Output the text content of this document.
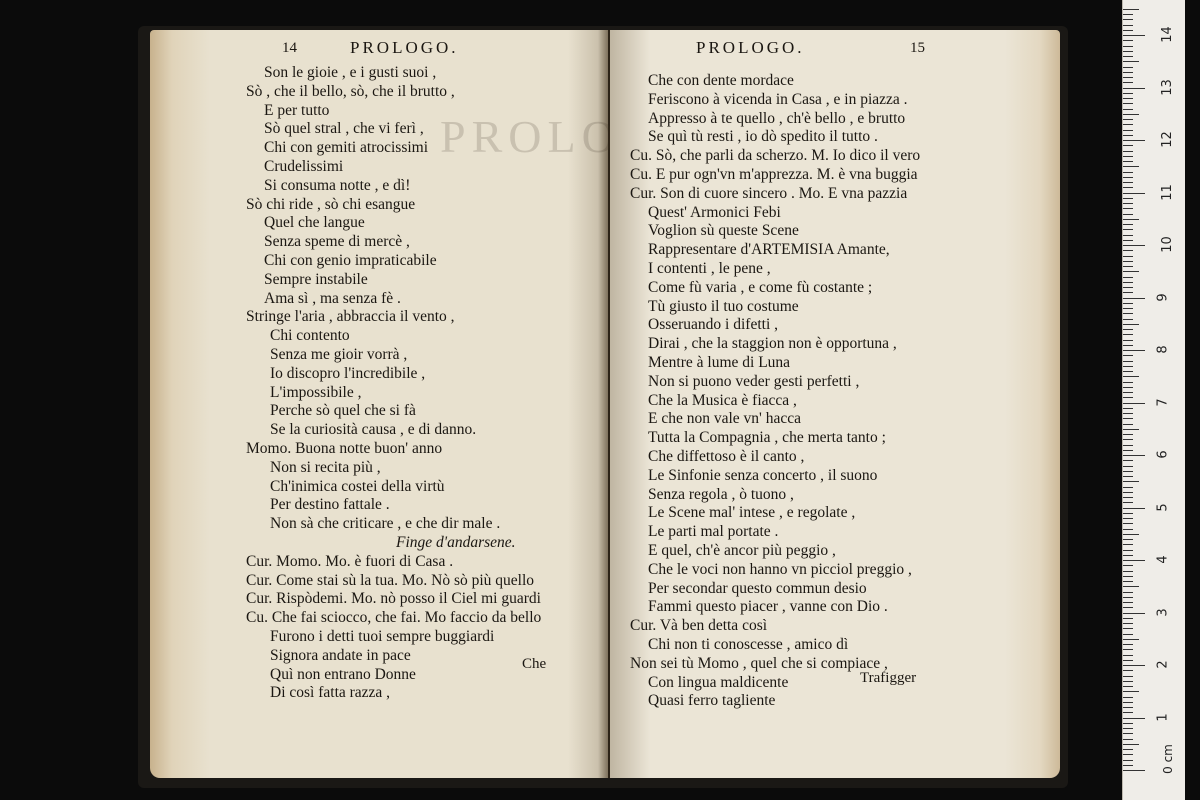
PROLO
14	PROLOGO.
Son le gioie , e i gusti suoi ,
Sò , che il bello, sò, che il brutto ,
E per tutto
Sò quel stral , che vi ferì ,
Chi con gemiti atrocissimi
Crudelissimi
Si consuma notte , e dì!
Sò chi ride , sò chi esangue
Quel che langue
Senza speme di mercè ,
Chi con genio impraticabile
Sempre instabile
Ama sì , ma senza fè .
Stringe l'aria , abbraccia il vento ,
Chi contento
Senza me gioir vorrà ,
Io discopro l'incredibile ,
L'impossibile ,
Perche sò quel che si fà
Se la curiosità causa , e di danno.
Momo. Buona notte buon' anno
Non si recita più ,
Ch'inimica costei della virtù
Per destino fattale .
Non sà che criticare , e che dir male .
Finge d'andarsene.
Cur. Momo. Mo. è fuori di Casa .
Cur. Come stai sù la tua. Mo. Nò sò più quello
Cur. Rispòdemi. Mo. nò posso il Ciel mi guardi
Cu. Che fai sciocco, che fai. Mo faccio da bello
Furono i detti tuoi sempre buggiardi
Signora andate in pace
Quì non entrano Donne
Di così fatta razza ,
Che
PROLOGO.	15
Che con dente mordace
Feriscono à vicenda in Casa , e in piazza .
Appresso à te quello , ch'è bello , e brutto
Se quì tù resti , io dò spedito il tutto .
Cu. Sò, che parli da scherzo. M. Io dico il vero
Cu. E pur ogn'vn m'apprezza. M. è vna buggia
Cur. Son di cuore sincero . Mo. E vna pazzia
Quest' Armonici Febi
Voglion sù queste Scene
Rappresentare d'ARTEMISIA Amante,
I contenti , le pene ,
Come fù varia , e come fù costante ;
Tù giusto il tuo costume
Osseruando i difetti ,
Dirai , che la staggion non è opportuna ,
Mentre à lume di Luna
Non si puono veder gesti perfetti ,
Che la Musica è fiacca ,
E che non vale vn' hacca
Tutta la Compagnia , che merta tanto ;
Che diffettoso è il canto ,
Le Sinfonie senza concerto , il suono
Senza regola , ò tuono ,
Le Scene mal' intese , e regolate ,
Le parti mal portate .
E quel, ch'è ancor più peggio ,
Che le voci non hanno vn picciol preggio ,
Per secondar questo commun desio
Fammi questo piacer , vanne con Dio .
Cur. Và ben detta così
Chi non ti conoscesse , amico dì
Non sei tù Momo , quel che si compiace ,
Con lingua maldicente
Quasi ferro tagliente
Trafigger
0 cm
14
13
12
11
10
9
8
7
6
5
4
3
2
1
